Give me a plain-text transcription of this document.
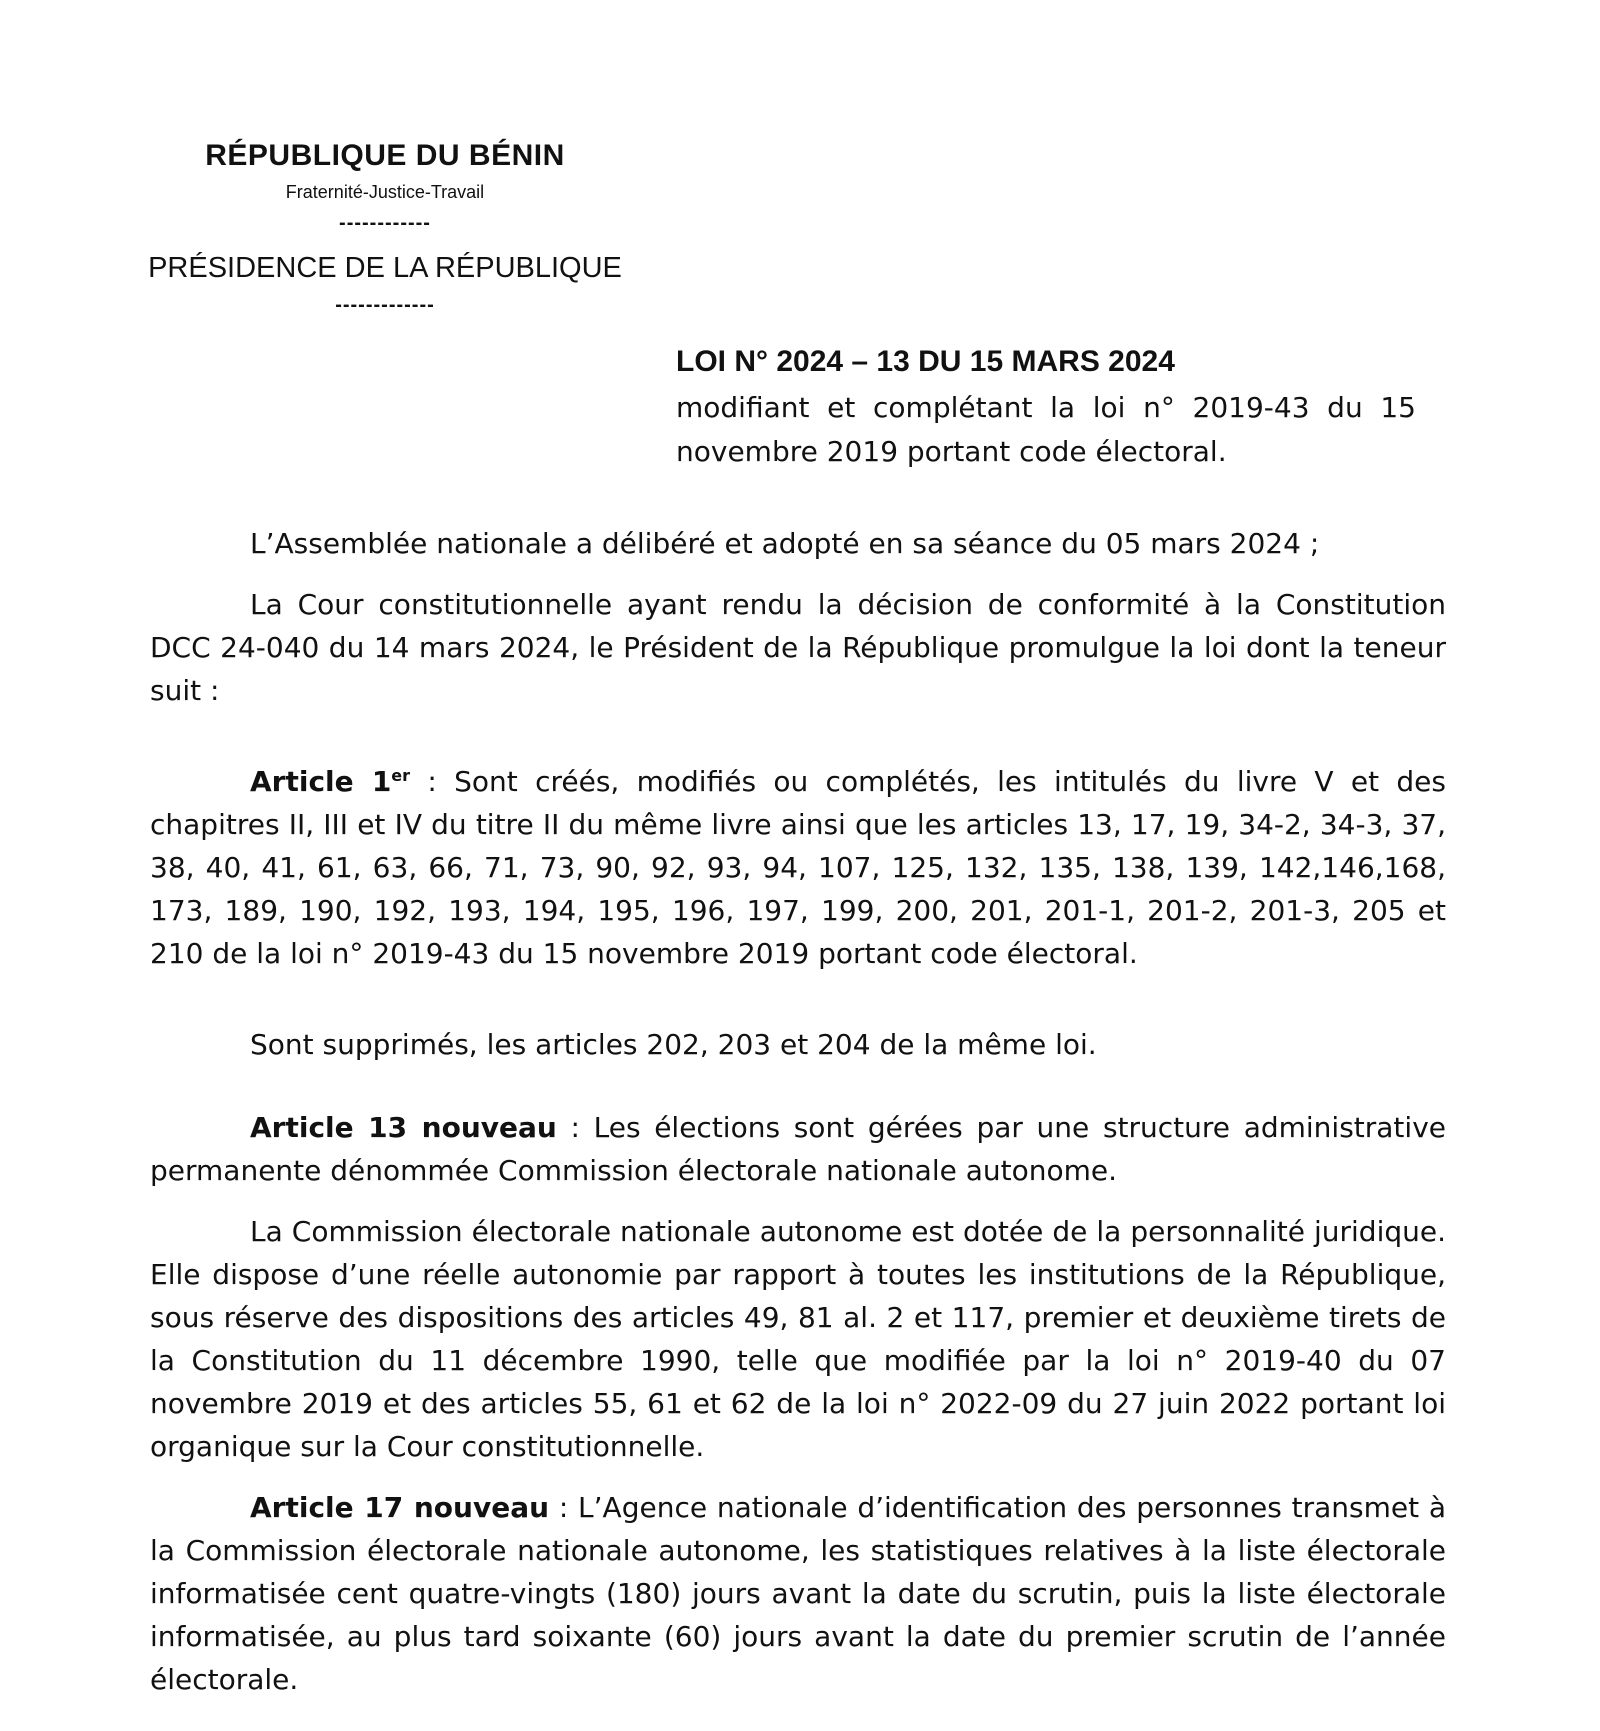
RÉPUBLIQUE DU BÉNIN
Fraternité-Justice-Travail
------------
PRÉSIDENCE DE LA RÉPUBLIQUE
-------------
LOI N° 2024 – 13 DU 15 MARS 2024
modifiant et complétant la loi n° 2019-43 du 15 novembre 2019 portant code électoral.

L’Assemblée nationale a délibéré et adopté en sa séance du 05 mars 2024 ;

La Cour constitutionnelle ayant rendu la décision de conformité à la Constitution DCC 24-040 du 14 mars 2024, le Président de la République promulgue la loi dont la teneur suit :

Article 1er : Sont créés, modifiés ou complétés, les intitulés du livre V et des chapitres II, III et IV du titre II du même livre ainsi que les articles 13, 17, 19, 34-2, 34-3, 37, 38, 40, 41, 61, 63, 66, 71, 73, 90, 92, 93, 94, 107, 125, 132, 135, 138, 139, 142,146,168, 173, 189, 190, 192, 193, 194, 195, 196, 197, 199, 200, 201, 201-1, 201-2, 201-3, 205 et 210 de la loi n° 2019-43 du 15 novembre 2019 portant code électoral.

Sont supprimés, les articles 202, 203 et 204 de la même loi.

Article 13 nouveau : Les élections sont gérées par une structure administrative permanente dénommée Commission électorale nationale autonome.

La Commission électorale nationale autonome est dotée de la personnalité juridique. Elle dispose d’une réelle autonomie par rapport à toutes les institutions de la République, sous réserve des dispositions des articles 49, 81 al. 2 et 117, premier et deuxième tirets de la Constitution du 11 décembre 1990, telle que modifiée par la loi n° 2019-40 du 07 novembre 2019 et des articles 55, 61 et 62 de la loi n° 2022-09 du 27 juin 2022 portant loi organique sur la Cour constitutionnelle.

Article 17 nouveau : L’Agence nationale d’identification des personnes transmet à la Commission électorale nationale autonome, les statistiques relatives à la liste électorale informatisée cent quatre-vingts (180) jours avant la date du scrutin, puis la liste électorale informatisée, au plus tard soixante (60) jours avant la date du premier scrutin de l’année électorale.
